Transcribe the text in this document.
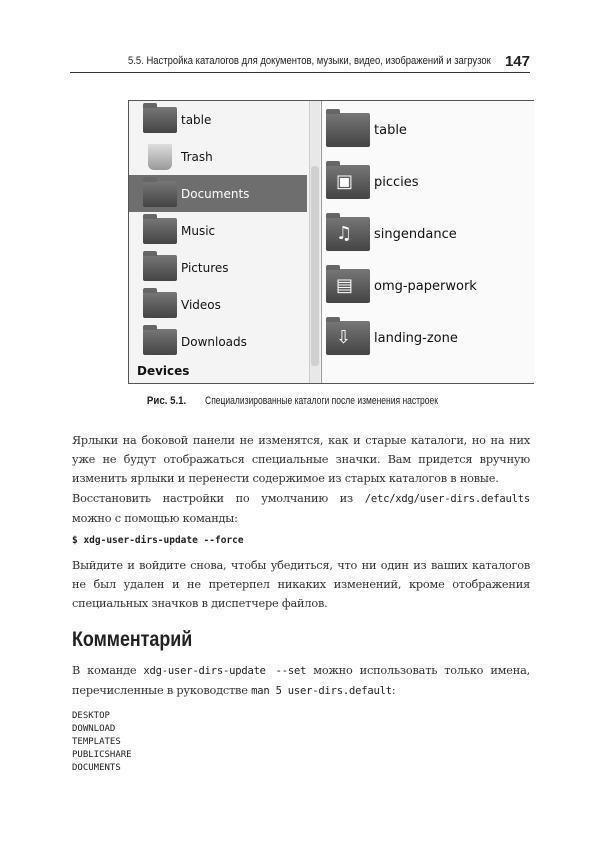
5.5. Настройка каталогов для документов, музыки, видео, изображений и загрузок 147
table
Trash
Documents
Music
Pictures
Videos
Downloads
Devices
table
▣ piccies
♫ singendance
▤ omg-paperwork
⇩ landing-zone
Рис. 5.1. Специализированные каталоги после изменения настроек
Ярлыки на боковой панели не изменятся, как и старые каталоги, но на них уже не будут отображаться специальные значки. Вам придется вручную изменить ярлыки и перенести содержимое из старых каталогов в новые.
Восстановить настройки по умолчанию из /etc/xdg/user-dirs.defaults можно с помощью команды:
$ xdg-user-dirs-update --force
Выйдите и войдите снова, чтобы убедиться, что ни один из ваших каталогов не был удален и не претерпел никаких изменений, кроме отображения специальных значков в диспетчере файлов.
Комментарий
В команде xdg-user-dirs-update --set можно использовать только имена, перечисленные в руководстве man 5 user-dirs.default:
DESKTOP
DOWNLOAD
TEMPLATES
PUBLICSHARE
DOCUMENTS
